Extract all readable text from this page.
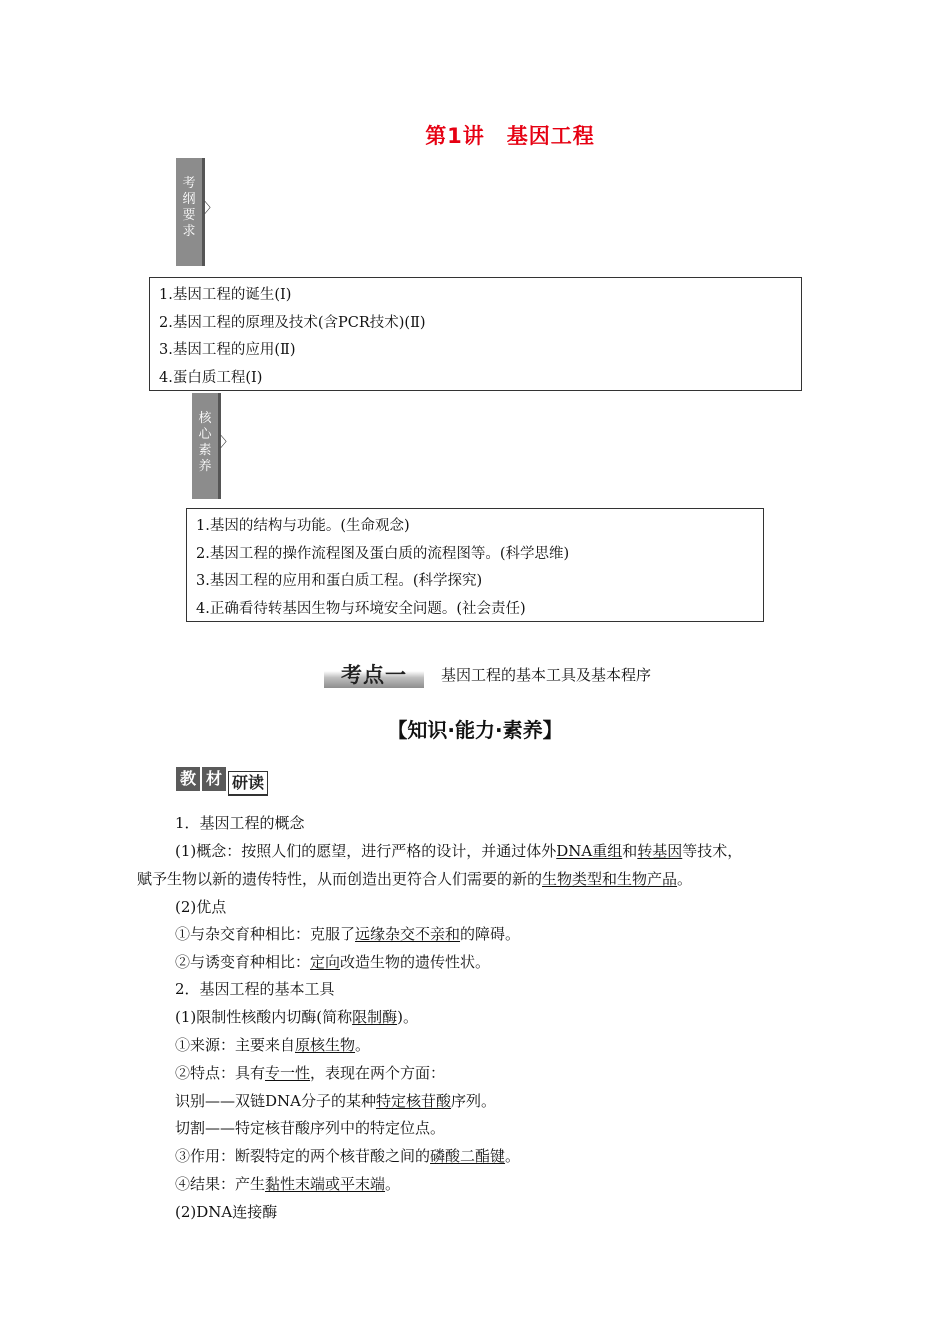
第1讲　基因工程
考
纲
要
求
〉
1.基因工程的诞生(Ⅰ)
2.基因工程的原理及技术(含PCR技术)(Ⅱ)
3.基因工程的应用(Ⅱ)
4.蛋白质工程(Ⅰ)
核
心
素
养
〉
1.基因的结构与功能。(生命观念)
2.基因工程的操作流程图及蛋白质的流程图等。(科学思维)
3.基因工程的应用和蛋白质工程。(科学探究)
4.正确看待转基因生物与环境安全问题。(社会责任)
考点一	基因工程的基本工具及基本程序
【知识·能力·素养】
教 材 研读
1．基因工程的概念
(1)概念：按照人们的愿望，进行严格的设计，并通过体外DNA重组和转基因等技术，
赋予生物以新的遗传特性，从而创造出更符合人们需要的新的生物类型和生物产品。
(2)优点
①与杂交育种相比：克服了远缘杂交不亲和的障碍。
②与诱变育种相比：定向改造生物的遗传性状。
2．基因工程的基本工具
(1)限制性核酸内切酶(简称限制酶)。
①来源：主要来自原核生物。
②特点：具有专一性，表现在两个方面：
识别——双链DNA分子的某种特定核苷酸序列。
切割——特定核苷酸序列中的特定位点。
③作用：断裂特定的两个核苷酸之间的磷酸二酯键。
④结果：产生黏性末端或平末端。
(2)DNA连接酶
